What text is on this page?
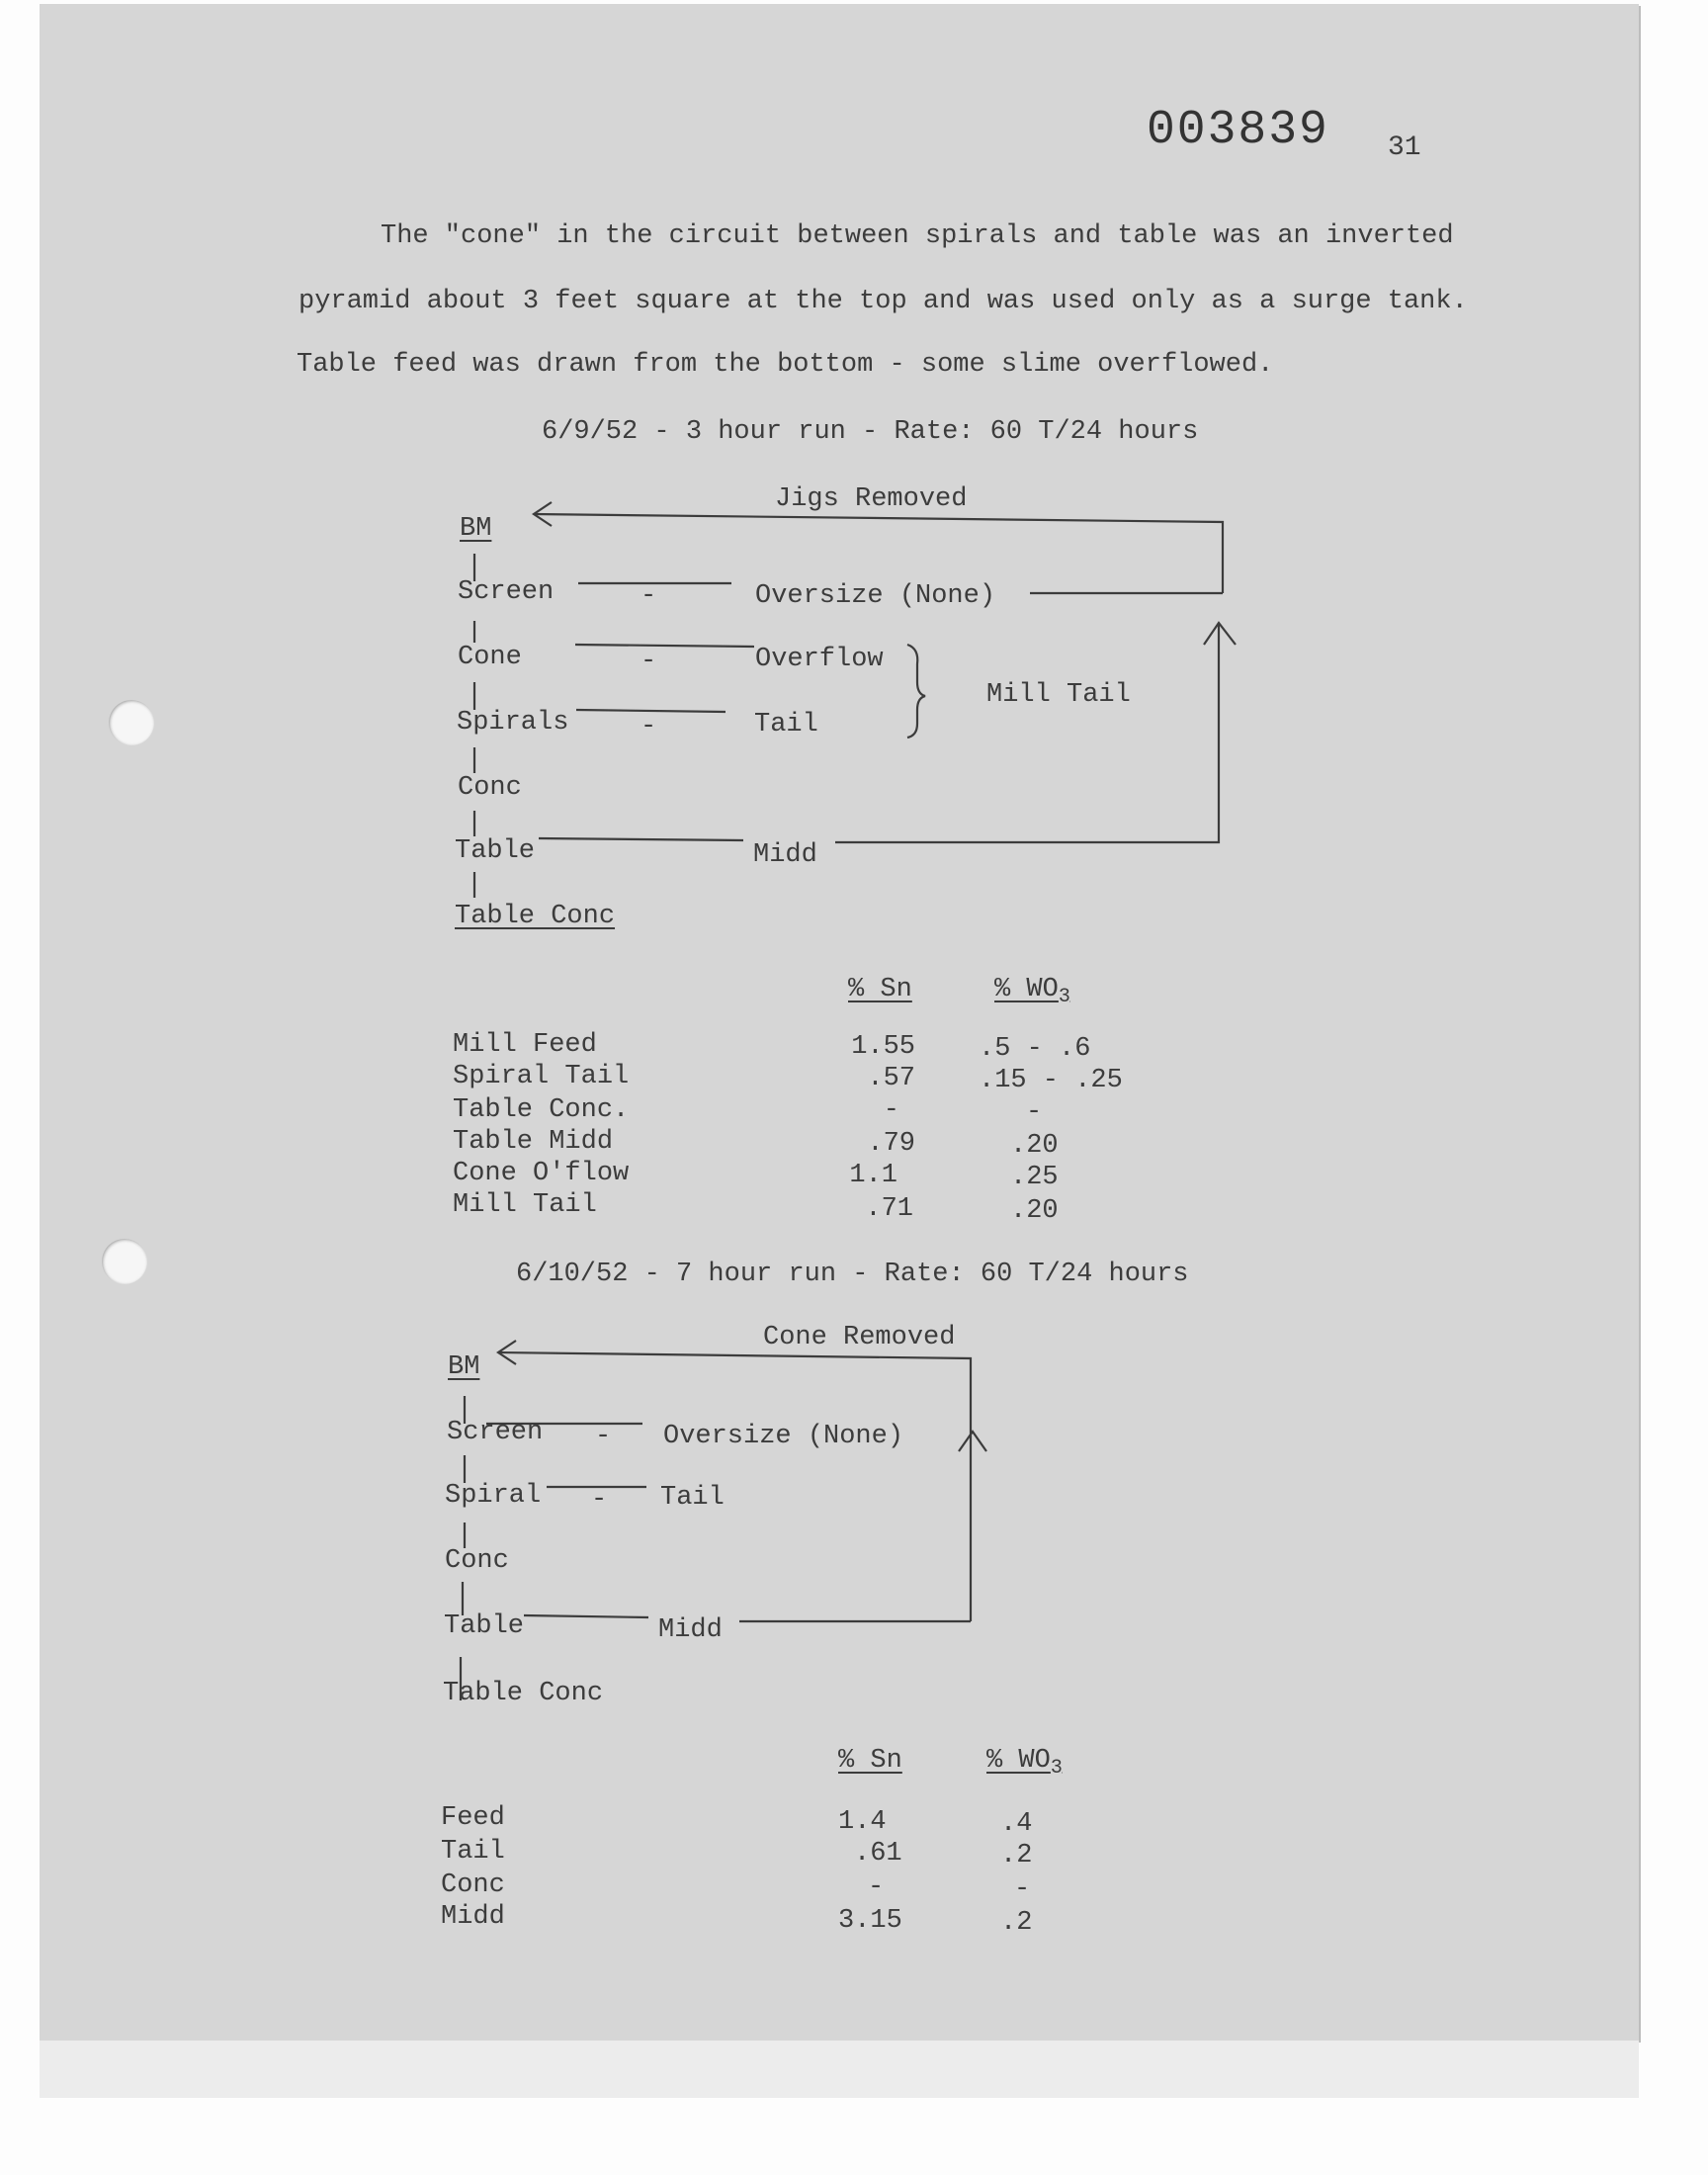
003839 31
The "cone" in the circuit between spirals and table was an inverted
pyramid about 3 feet square at the top and was used only as a surge tank.
Table feed was drawn from the bottom - some slime overflowed.
6/9/52 - 3 hour run - Rate: 60 T/24 hours
Jigs Removed
BM
Screen
Cone
Spirals
Conc
Table
Table Conc
-
-
-
Oversize (None)
Overflow
Tail
Mill Tail
Midd
% Sn	% $WO_3$
Mill Feed
Spiral Tail
Table Conc.
Table Midd
Cone O'flow
Mill Tail
1.55
.57
-
.79
1.1
.71
.5 - .6
.15 - .25
-
.20
.25
.20
6/10/52 - 7 hour run - Rate: 60 T/24 hours
Cone Removed
BM
Screen
Spiral
Conc
Table
Table Conc
-
-
Oversize (None)
Tail
Midd
% Sn	% $WO_3$
Feed
Tail
Conc
Midd
1.4
.61
-
3.15
.4
.2
-
.2
